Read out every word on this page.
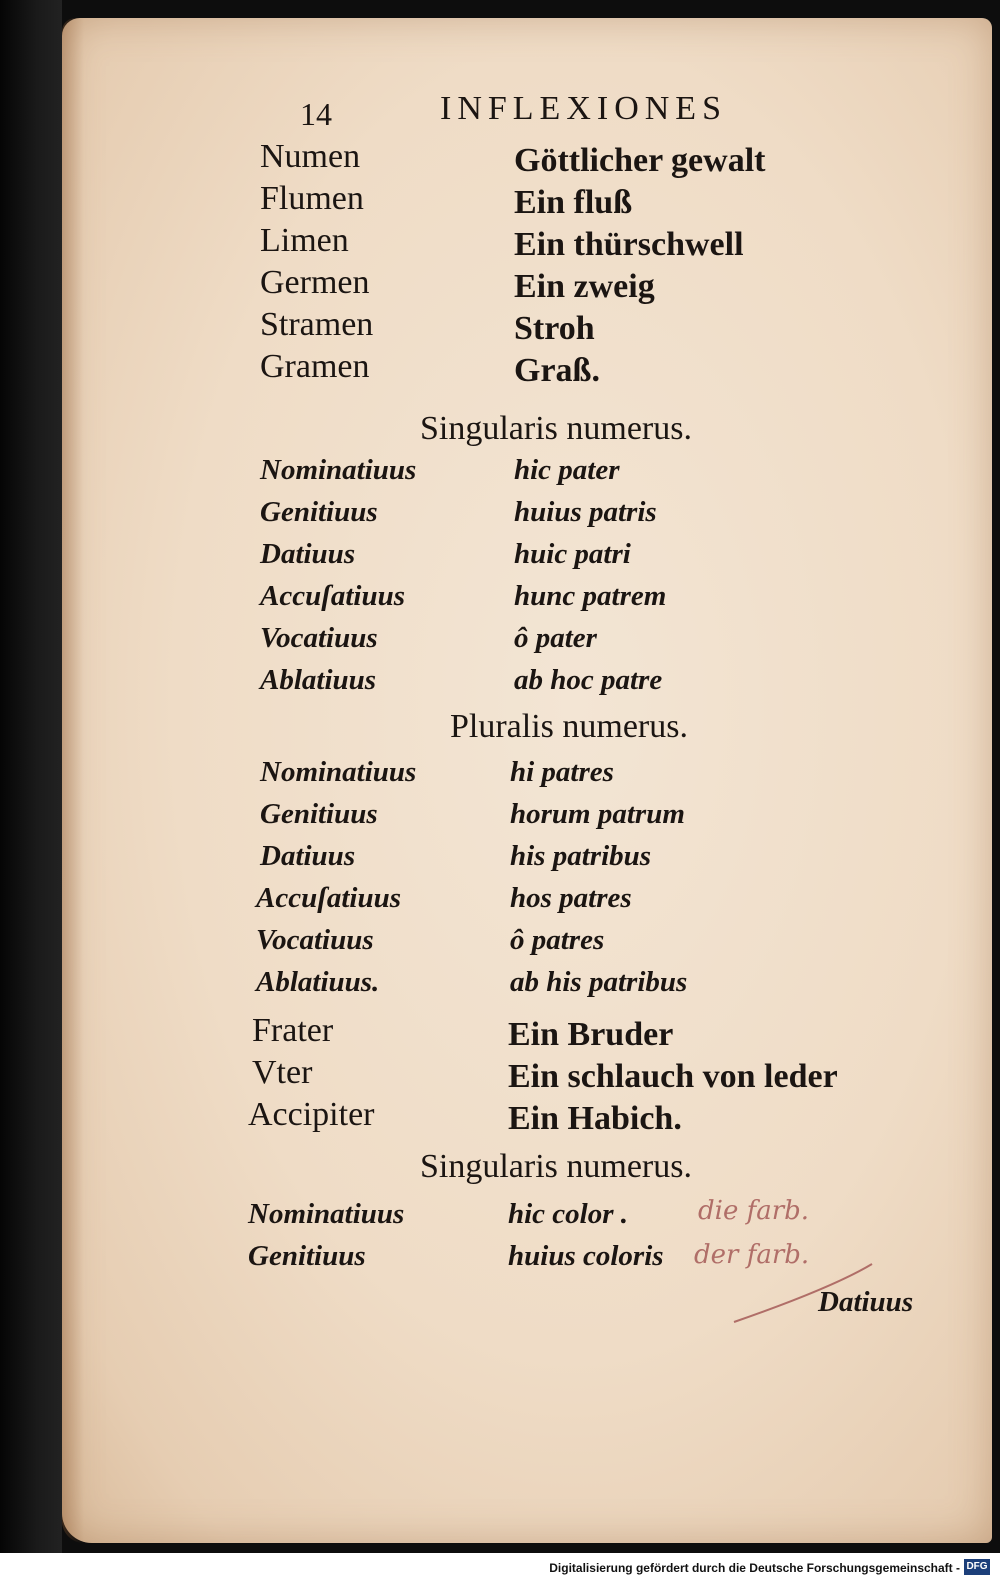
14	INFLEXIONES
Numen	Göttlicher gewalt
Flumen	Ein fluß
Limen	Ein thürschwell
Germen	Ein zweig
Stramen	Stroh
Gramen	Graß.
Singularis numerus.
Nominatiuus	hic pater
Genitiuus	huius patris
Datiuus	huic patri
Accuſatiuus	hunc patrem
Vocatiuus	ô pater
Ablatiuus	ab hoc patre
Pluralis numerus.
Nominatiuus	hi patres
Genitiuus	horum patrum
Datiuus	his patribus
Accuſatiuus	hos patres
Vocatiuus	ô patres
Ablatiuus.	ab his patribus
Frater	Ein Bruder
Vter	Ein schlauch von leder
Accipiter	Ein Habich.
Singularis numerus.
Nominatiuus	hic color .	die farb.
Genitiuus	huius coloris der farb.
Datiuus
Digitalisierung gefördert durch die Deutsche Forschungsgemeinschaft - DFG
